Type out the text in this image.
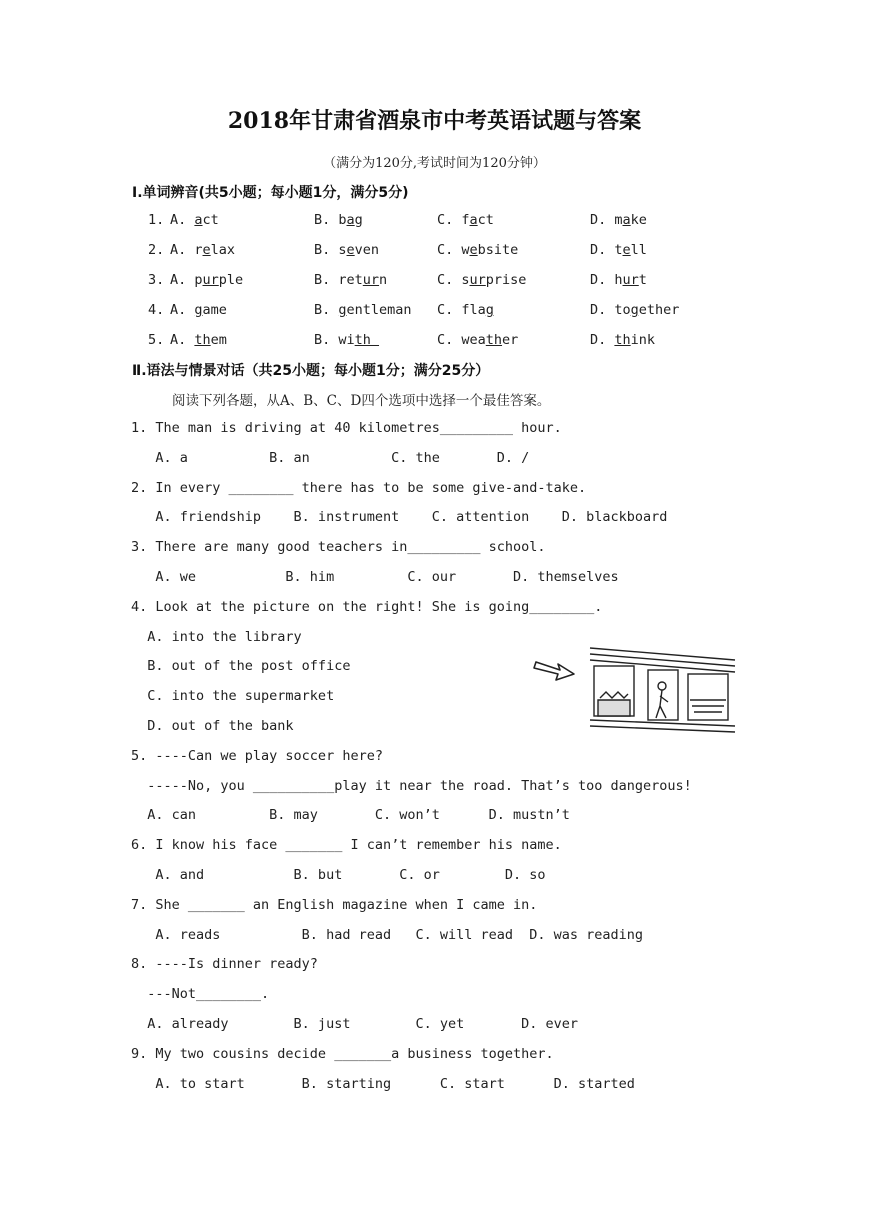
2018年甘肃省酒泉市中考英语试题与答案
（满分为120分,考试时间为120分钟）
I.单词辨音(共5小题；每小题1分，满分5分)
1. A. act	B. bag	C. fact	D. make
2. A. relax	B. seven	C. website	D. tell
3. A. purple	B. return	C. surprise	D. hurt
4. A. game	B. gentleman C. flag	D. together
5. A. them	B. with	C. weather	D. think
Ⅱ.语法与情景对话（共25小题；每小题1分；满分25分）
阅读下列各题，从A、B、C、D四个选项中选择一个最佳答案。
1. The man is driving at 40 kilometres_________ hour.
A. a          B. an          C. the       D. /
2. In every ________ there has to be some give-and-take.
A. friendship    B. instrument    C. attention    D. blackboard
3. There are many good teachers in_________ school.
A. we           B. him         C. our       D. themselves
4. Look at the picture on the right! She is going________.
A. into the library
B. out of the post office
C. into the supermarket
D. out of the bank
5. ----Can we play soccer here?
-----No, you __________play it near the road. That’s too dangerous!
A. can         B. may       C. won’t      D. mustn’t
6. I know his face _______ I can’t remember his name.
A. and           B. but       C. or        D. so
7. She _______ an English magazine when I came in.
A. reads          B. had read   C. will read  D. was reading
8. ----Is dinner ready?
---Not________.
A. already        B. just        C. yet       D. ever
9. My two cousins decide _______a business together.
A. to start       B. starting      C. start      D. started
